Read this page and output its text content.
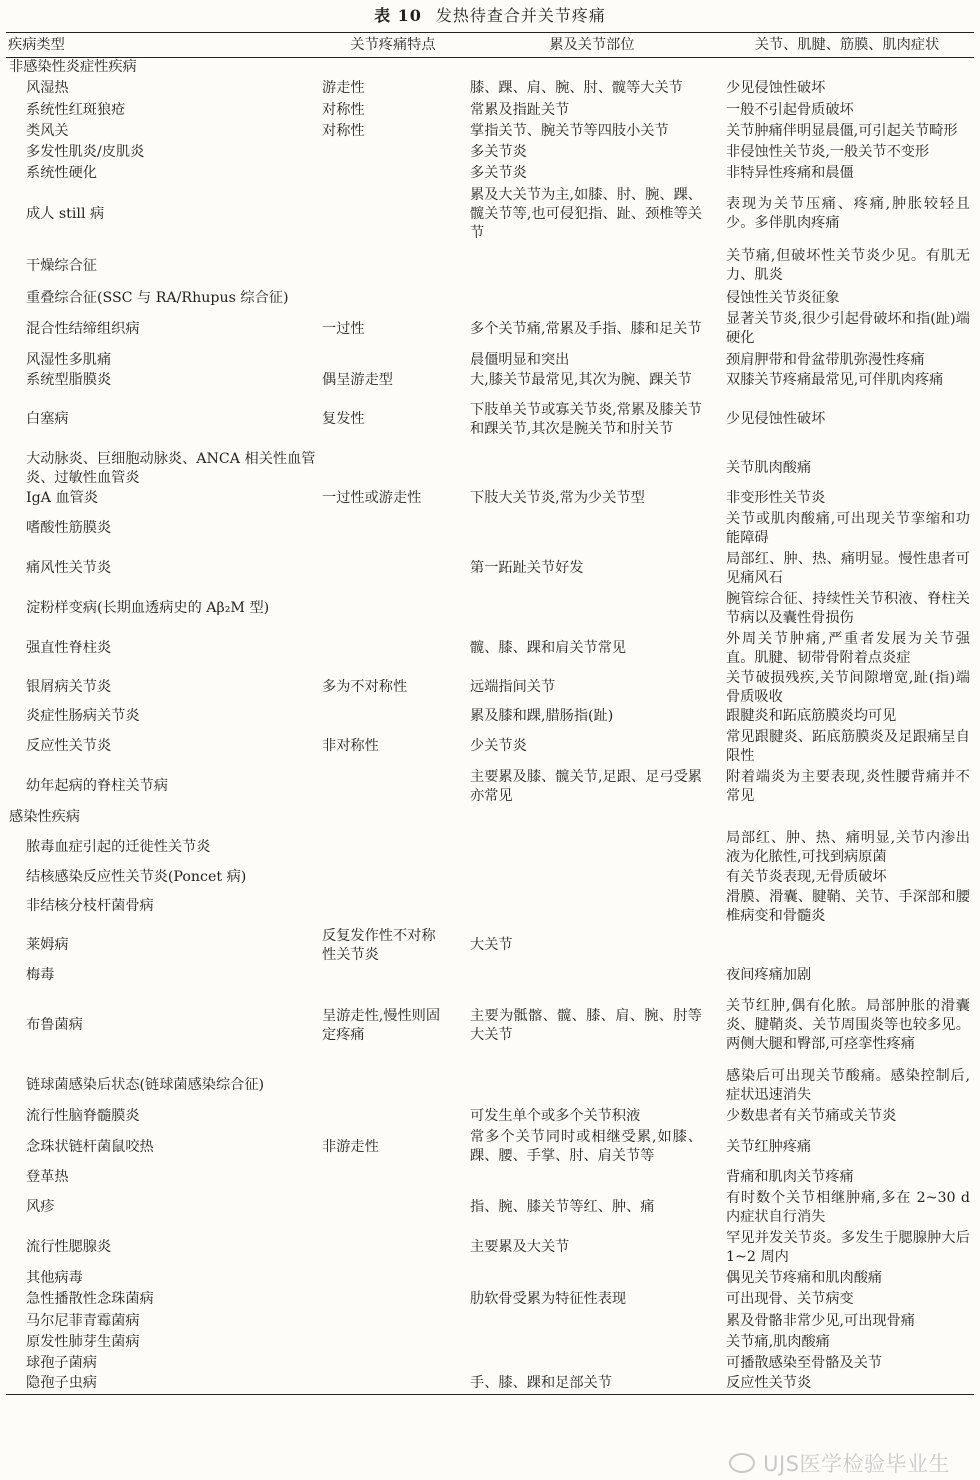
表 10 发热待查合并关节疼痛
疾病类型	关节疼痛特点	累及关节部位	关节、肌腱、筋膜、肌肉症状
非感染性炎症性疾病	

风湿热	游走性	膝、踝、肩、腕、肘、髋等大关节	少见侵蚀性破坏
系统性红斑狼疮	对称性	常累及指趾关节	一般不引起骨质破坏
类风关	对称性	掌指关节、腕关节等四肢小关节	关节肿痛伴明显晨僵,可引起关节畸形
多发性肌炎/皮肌炎		多关节炎	非侵蚀性关节炎,一般关节不变形
系统性硬化		多关节炎	非特异性疼痛和晨僵
成人 still 病		累及大关节为主,如膝、肘、腕、踝、髋关节等,也可侵犯指、趾、颈椎等关节	表现为关节压痛、疼痛,肿胀较轻且少。多伴肌肉疼痛
干燥综合征			关节痛,但破坏性关节炎少见。有肌无力、肌炎
重叠综合征(SSC 与 RA/Rhupus 综合征)			侵蚀性关节炎征象
混合性结缔组织病	一过性	多个关节痛,常累及手指、膝和足关节	显著关节炎,很少引起骨破坏和指(趾)端硬化
风湿性多肌痛		晨僵明显和突出	颈肩胛带和骨盆带肌弥漫性疼痛
系统型脂膜炎	偶呈游走型	大,膝关节最常见,其次为腕、踝关节	双膝关节疼痛最常见,可伴肌肉疼痛
白塞病	复发性	下肢单关节或寡关节炎,常累及膝关节和踝关节,其次是腕关节和肘关节	少见侵蚀性破坏
大动脉炎、巨细胞动脉炎、ANCA 相关性血管炎、过敏性血管炎			关节肌肉酸痛
IgA 血管炎	一过性或游走性	下肢大关节炎,常为少关节型	非变形性关节炎
嗜酸性筋膜炎			关节或肌肉酸痛,可出现关节挛缩和功能障碍
痛风性关节炎		第一跖趾关节好发	局部红、肿、热、痛明显。慢性患者可见痛风石
淀粉样变病(长期血透病史的 Aβ₂M 型)			腕管综合征、持续性关节积液、脊柱关节病以及囊性骨损伤
强直性脊柱炎		髋、膝、踝和肩关节常见	外周关节肿痛,严重者发展为关节强直。肌腱、韧带骨附着点炎症
银屑病关节炎	多为不对称性	远端指间关节	关节破损残疾,关节间隙增宽,趾(指)端骨质吸收
炎症性肠病关节炎		累及膝和踝,腊肠指(趾)	跟腱炎和跖底筋膜炎均可见
反应性关节炎	非对称性	少关节炎	常见跟腱炎、跖底筋膜炎及足跟痛呈自限性
幼年起病的脊柱关节病		主要累及膝、髋关节,足跟、足弓受累亦常见	附着端炎为主要表现,炎性腰背痛并不常见
感染性疾病	

脓毒血症引起的迁徙性关节炎			局部红、肿、热、痛明显,关节内渗出液为化脓性,可找到病原菌
结核感染反应性关节炎(Poncet 病)			有关节炎表现,无骨质破坏
非结核分枝杆菌骨病			滑膜、滑囊、腱鞘、关节、手深部和腰椎病变和骨髓炎
莱姆病	反复发作性不对称性关节炎	大关节	
梅毒			夜间疼痛加剧
布鲁菌病	呈游走性,慢性则固定疼痛	主要为骶髂、髋、膝、肩、腕、肘等大关节	关节红肿,偶有化脓。局部肿胀的滑囊炎、腱鞘炎、关节周围炎等也较多见。两侧大腿和臀部,可痉挛性疼痛
链球菌感染后状态(链球菌感染综合征)			感染后可出现关节酸痛。感染控制后,症状迅速消失
流行性脑脊髓膜炎		可发生单个或多个关节积液	少数患者有关节痛或关节炎
念珠状链杆菌鼠咬热	非游走性	常多个关节同时或相继受累,如膝、踝、腰、手掌、肘、肩关节等	关节红肿疼痛
登革热			背痛和肌肉关节疼痛
风疹		指、腕、膝关节等红、肿、痛	有时数个关节相继肿痛,多在 2~30 d内症状自行消失
流行性腮腺炎		主要累及大关节	罕见并发关节炎。多发生于腮腺肿大后 1~2 周内
其他病毒			偶见关节疼痛和肌肉酸痛
急性播散性念珠菌病		肋软骨受累为特征性表现	可出现骨、关节病变
马尔尼菲青霉菌病			累及骨骼非常少见,可出现骨痛
原发性肺芽生菌病			关节痛,肌肉酸痛
球孢子菌病			可播散感染至骨骼及关节
隐孢子虫病		手、膝、踝和足部关节	反应性关节炎
UJS医学检验毕业生
